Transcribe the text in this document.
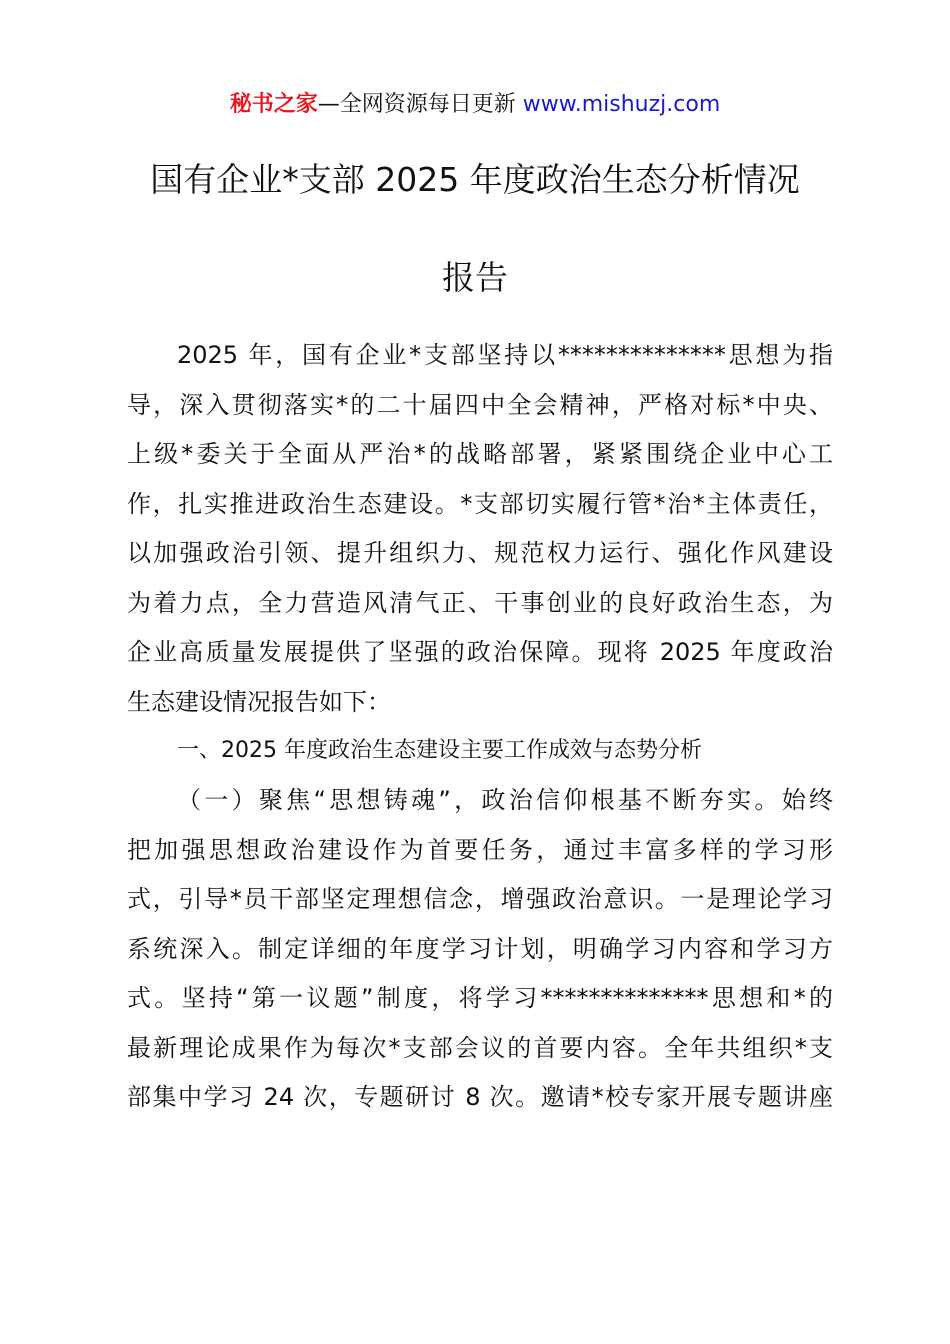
秘书之家—全网资源每日更新 www.mishuzj.com
国有企业*支部 2025 年度政治生态分析情况
报告
2025 年，国有企业*支部坚持以**************思想为指
导，深入贯彻落实*的二十届四中全会精神，严格对标*中央、
上级*委关于全面从严治*的战略部署，紧紧围绕企业中心工
作，扎实推进政治生态建设。*支部切实履行管*治*主体责任，
以加强政治引领、提升组织力、规范权力运行、强化作风建设
为着力点，全力营造风清气正、干事创业的良好政治生态，为
企业高质量发展提供了坚强的政治保障。现将 2025 年度政治
生态建设情况报告如下：
一、2025 年度政治生态建设主要工作成效与态势分析
（一）聚焦“思想铸魂”，政治信仰根基不断夯实。始终
把加强思想政治建设作为首要任务，通过丰富多样的学习形
式，引导*员干部坚定理想信念，增强政治意识。一是理论学习
系统深入。制定详细的年度学习计划，明确学习内容和学习方
式。坚持“第一议题”制度，将学习**************思想和*的
最新理论成果作为每次*支部会议的首要内容。全年共组织*支
部集中学习 24 次，专题研讨 8 次。邀请*校专家开展专题讲座
